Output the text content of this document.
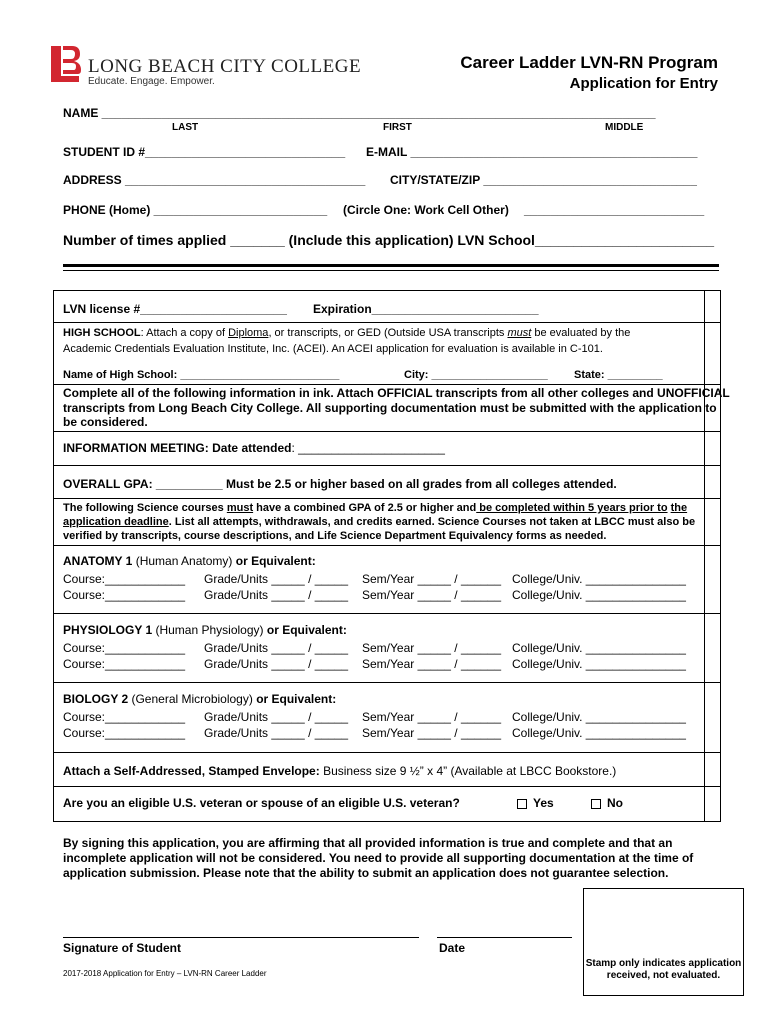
LONG BEACH CITY COLLEGE
Educate. Engage. Empower.
Career Ladder LVN-RN Program
Application for Entry
NAME ___________________________________________________________________________________
LAST	FIRST	MIDDLE
STUDENT ID #______________________________ E-MAIL ___________________________________________
ADDRESS ____________________________________ CITY/STATE/ZIP ________________________________
PHONE (Home) __________________________ (Circle One: Work Cell Other) ___________________________
Number of times applied _______ (Include this application) LVN School_______________________
LVN license #______________________ Expiration_________________________
HIGH SCHOOL: Attach a copy of Diploma, or transcripts, or GED (Outside USA transcripts must be evaluated by the
Academic Credentials Evaluation Institute, Inc. (ACEI). An ACEI application for evaluation is available in C-101.
Name of High School: __________________________	City: ___________________ State: _________
Complete all of the following information in ink. Attach OFFICIAL transcripts from all other colleges and UNOFFICIAL transcripts from Long Beach City College. All supporting documentation must be submitted with the application to be considered.
INFORMATION MEETING: Date attended: ______________________
OVERALL GPA: __________ Must be 2.5 or higher based on all grades from all colleges attended.
The following Science courses must have a combined GPA of 2.5 or higher and be completed within 5 years prior to the application deadline. List all attempts, withdrawals, and credits earned. Science Courses not taken at LBCC must also be verified by transcripts, course descriptions, and Life Science Department Equivalency forms as needed.
ANATOMY 1 (Human Anatomy) or Equivalent:
Course:____________ Grade/Units _____ / _____ Sem/Year _____ / ______ College/Univ. _______________
Course:____________ Grade/Units _____ / _____ Sem/Year _____ / ______ College/Univ. _______________
PHYSIOLOGY 1 (Human Physiology) or Equivalent:
Course:____________ Grade/Units _____ / _____ Sem/Year _____ / ______ College/Univ. _______________
Course:____________ Grade/Units _____ / _____ Sem/Year _____ / ______ College/Univ. _______________
BIOLOGY 2 (General Microbiology) or Equivalent:
Course:____________ Grade/Units _____ / _____ Sem/Year _____ / ______ College/Univ. _______________
Course:____________ Grade/Units _____ / _____ Sem/Year _____ / ______ College/Univ. _______________
Attach a Self-Addressed, Stamped Envelope: Business size 9 ½” x 4” (Available at LBCC Bookstore.)
Are you an eligible U.S. veteran or spouse of an eligible U.S. veteran?	Yes	No
By signing this application, you are affirming that all provided information is true and complete and that an incomplete application will not be considered. You need to provide all supporting documentation at the time of application submission. Please note that the ability to submit an application does not guarantee selection.
Stamp only indicates application received, not evaluated.
Signature of Student	Date
2017-2018 Application for Entry – LVN-RN Career Ladder
